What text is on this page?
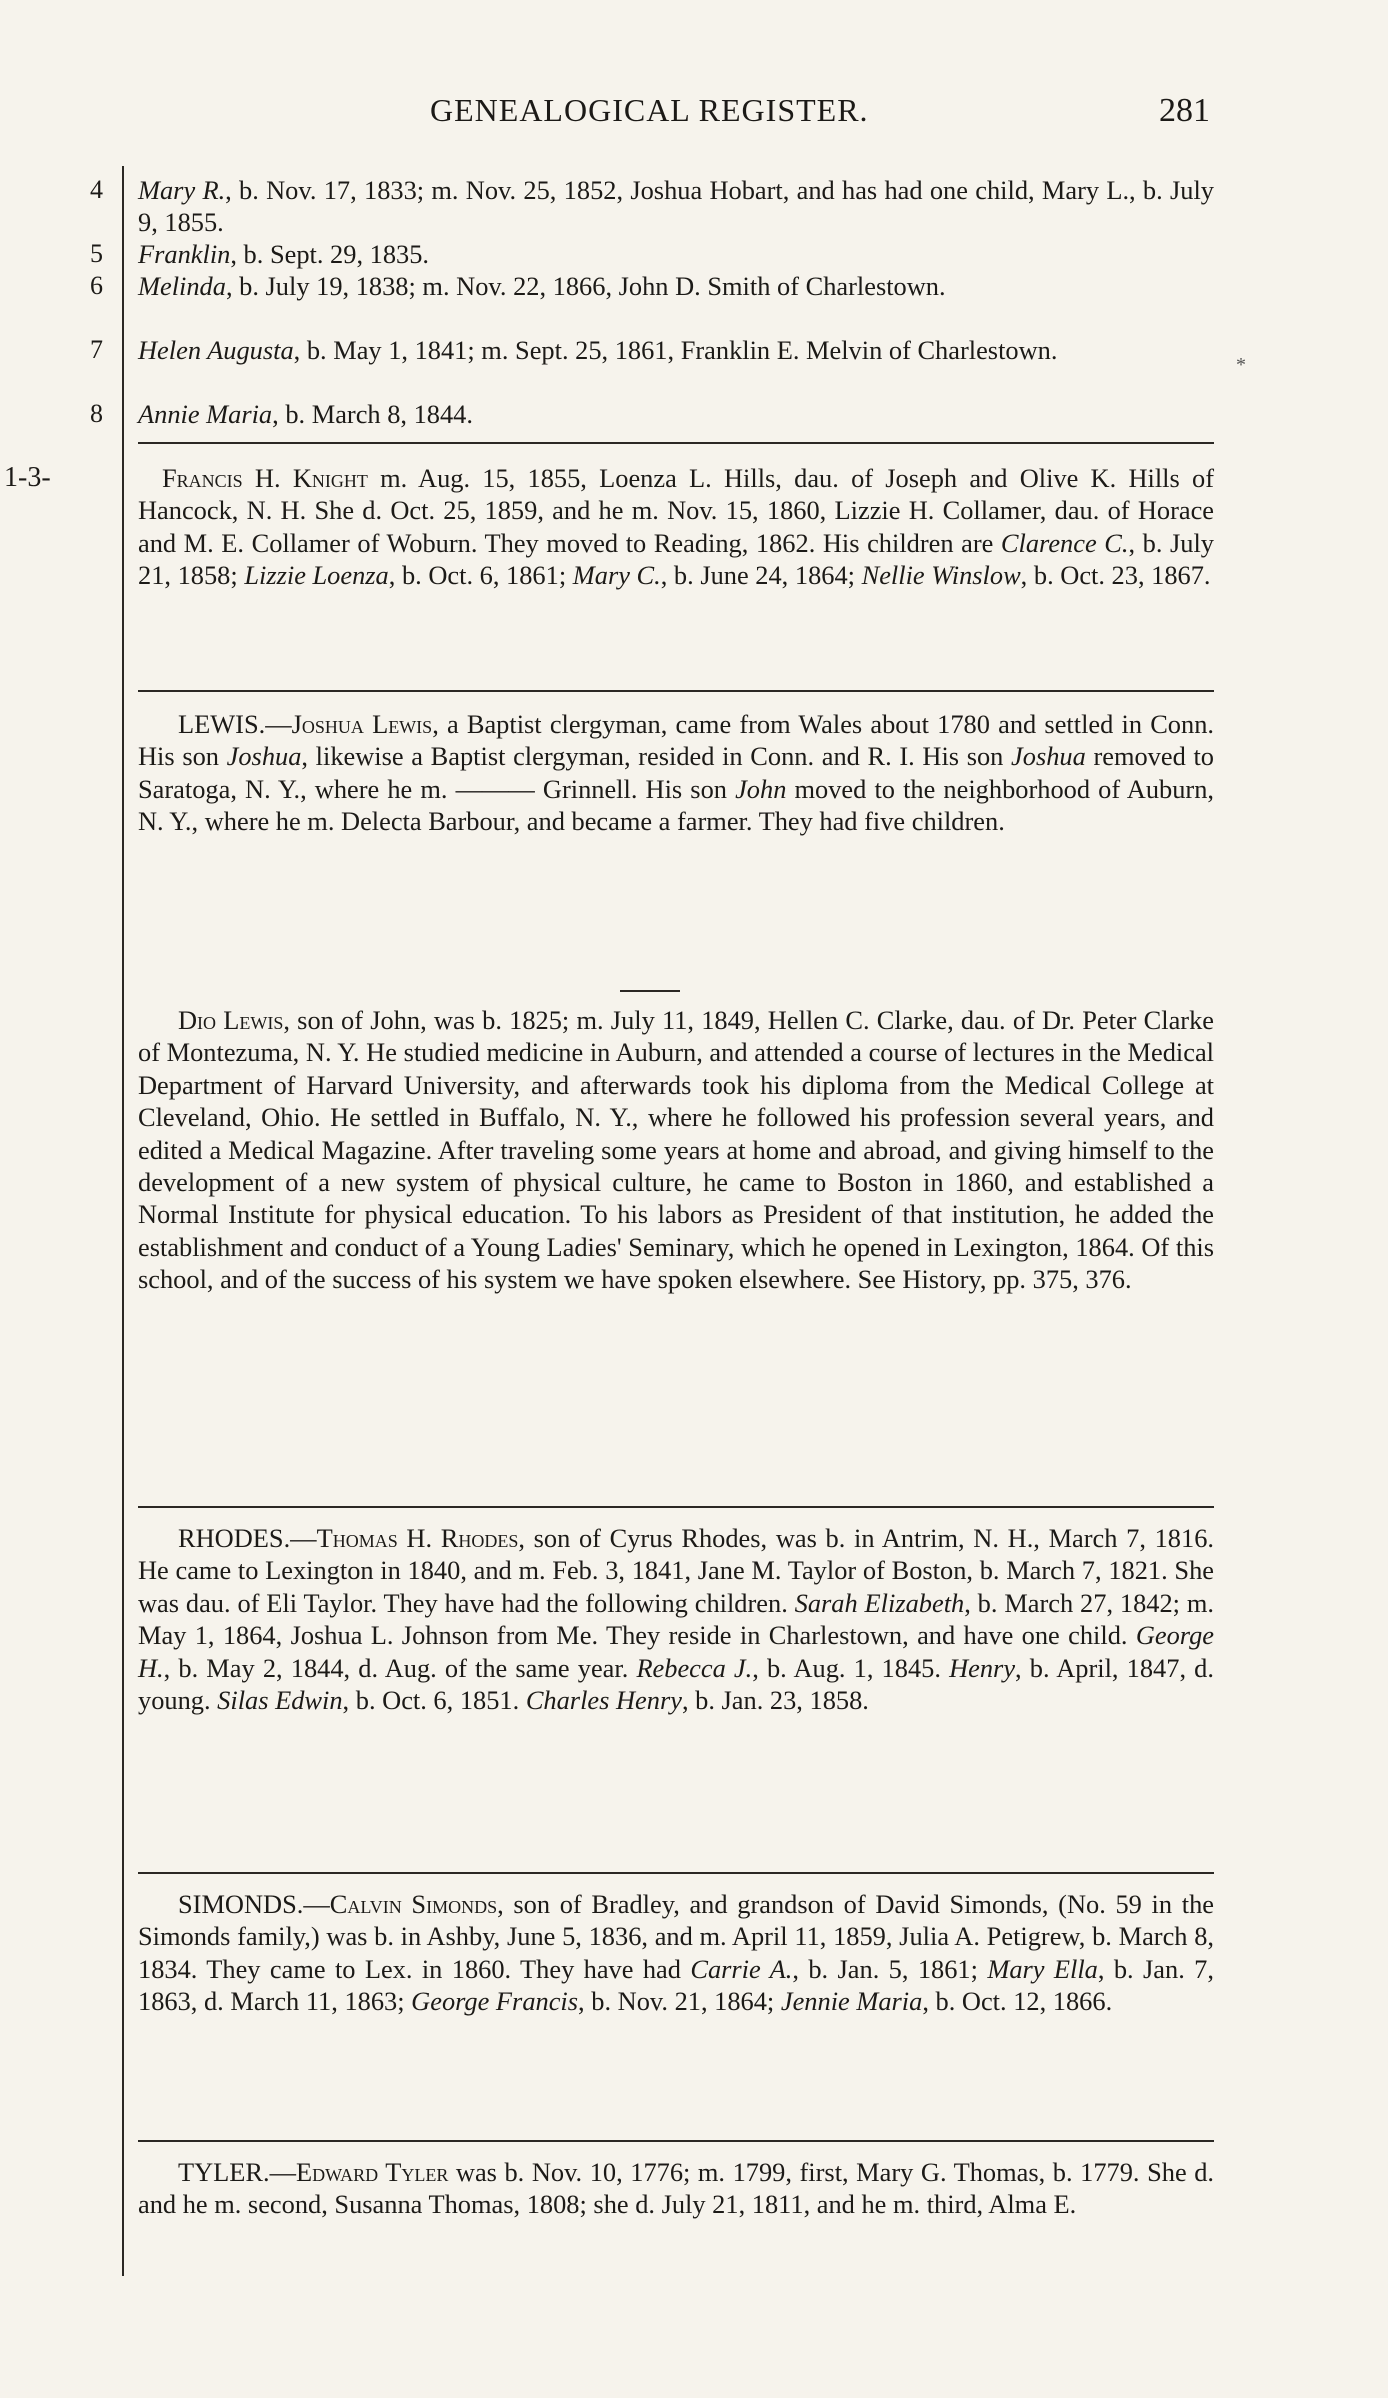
GENEALOGICAL REGISTER.	281
*
4 Mary R., b. Nov. 17, 1833; m. Nov. 25, 1852, Joshua Hobart, and has had one child, Mary L., b. July 9, 1855.
5 Franklin, b. Sept. 29, 1835.
6 Melinda, b. July 19, 1838; m. Nov. 22, 1866, John D. Smith of Charlestown.
7 Helen Augusta, b. May 1, 1841; m. Sept. 25, 1861, Franklin E. Melvin of Charlestown.
8 Annie Maria, b. March 8, 1844.
1-3-	Francis H. Knight m. Aug. 15, 1855, Loenza L. Hills, dau. of Joseph and Olive K. Hills of Hancock, N. H. She d. Oct. 25, 1859, and he m. Nov. 15, 1860, Lizzie H. Collamer, dau. of Horace and M. E. Collamer of Woburn. They moved to Reading, 1862. His children are Clarence C., b. July 21, 1858; Lizzie Loenza, b. Oct. 6, 1861; Mary C., b. June 24, 1864; Nellie Winslow, b. Oct. 23, 1867.
LEWIS.—Joshua Lewis, a Baptist clergyman, came from Wales about 1780 and settled in Conn. His son Joshua, likewise a Baptist clergyman, resided in Conn. and R. I. His son Joshua removed to Saratoga, N. Y., where he m. ——— Grinnell. His son John moved to the neighborhood of Auburn, N. Y., where he m. Delecta Barbour, and became a farmer. They had five children.
Dio Lewis, son of John, was b. 1825; m. July 11, 1849, Hellen C. Clarke, dau. of Dr. Peter Clarke of Montezuma, N. Y. He studied medicine in Auburn, and attended a course of lectures in the Medical Department of Harvard University, and afterwards took his diploma from the Medical College at Cleveland, Ohio. He settled in Buffalo, N. Y., where he followed his profession several years, and edited a Medical Magazine. After traveling some years at home and abroad, and giving himself to the development of a new system of physical culture, he came to Boston in 1860, and established a Normal Institute for physical education. To his labors as President of that institution, he added the establishment and conduct of a Young Ladies' Seminary, which he opened in Lexington, 1864. Of this school, and of the success of his system we have spoken elsewhere. See History, pp. 375, 376.
RHODES.—Thomas H. Rhodes, son of Cyrus Rhodes, was b. in Antrim, N. H., March 7, 1816. He came to Lexington in 1840, and m. Feb. 3, 1841, Jane M. Taylor of Boston, b. March 7, 1821. She was dau. of Eli Taylor. They have had the following children. Sarah Elizabeth, b. March 27, 1842; m. May 1, 1864, Joshua L. Johnson from Me. They reside in Charlestown, and have one child. George H., b. May 2, 1844, d. Aug. of the same year. Rebecca J., b. Aug. 1, 1845. Henry, b. April, 1847, d. young. Silas Edwin, b. Oct. 6, 1851. Charles Henry, b. Jan. 23, 1858.
SIMONDS.—Calvin Simonds, son of Bradley, and grandson of David Simonds, (No. 59 in the Simonds family,) was b. in Ashby, June 5, 1836, and m. April 11, 1859, Julia A. Petigrew, b. March 8, 1834. They came to Lex. in 1860. They have had Carrie A., b. Jan. 5, 1861; Mary Ella, b. Jan. 7, 1863, d. March 11, 1863; George Francis, b. Nov. 21, 1864; Jennie Maria, b. Oct. 12, 1866.
TYLER.—Edward Tyler was b. Nov. 10, 1776; m. 1799, first, Mary G. Thomas, b. 1779. She d. and he m. second, Susanna Thomas, 1808; she d. July 21, 1811, and he m. third, Alma E.
